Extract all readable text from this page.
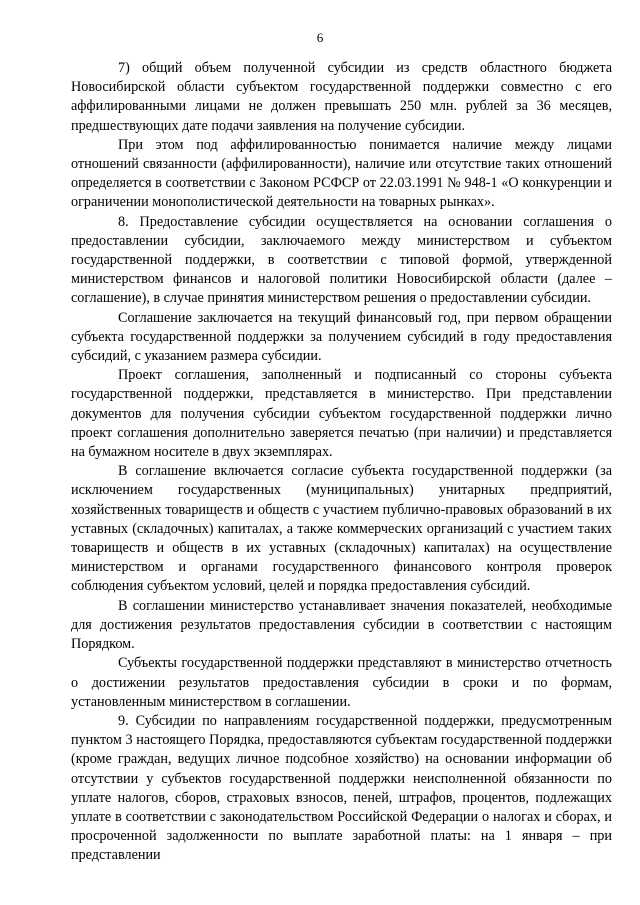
6

7) общий объем полученной субсидии из средств областного бюджета Новосибирской области субъектом государственной поддержки совместно с его аффилированными лицами не должен превышать 250 млн. рублей за 36 месяцев, предшествующих дате подачи заявления на получение субсидии.

При этом под аффилированностью понимается наличие между лицами отношений связанности (аффилированности), наличие или отсутствие таких отношений определяется в соответствии с Законом РСФСР от 22.03.1991 № 948-1 «О конкуренции и ограничении монополистической деятельности на товарных рынках».

8. Предоставление субсидии осуществляется на основании соглашения о предоставлении субсидии, заключаемого между министерством и субъектом государственной поддержки, в соответствии с типовой формой, утвержденной министерством финансов и налоговой политики Новосибирской области (далее – соглашение), в случае принятия министерством решения о предоставлении субсидии.

Соглашение заключается на текущий финансовый год, при первом обращении субъекта государственной поддержки за получением субсидий в году предоставления субсидий, с указанием размера субсидии.

Проект соглашения, заполненный и подписанный со стороны субъекта государственной поддержки, представляется в министерство. При представлении документов для получения субсидии субъектом государственной поддержки лично проект соглашения дополнительно заверяется печатью (при наличии) и представляется на бумажном носителе в двух экземплярах.

В соглашение включается согласие субъекта государственной поддержки (за исключением государственных (муниципальных) унитарных предприятий, хозяйственных товариществ и обществ с участием публично-правовых образований в их уставных (складочных) капиталах, а также коммерческих организаций с участием таких товариществ и обществ в их уставных (складочных) капиталах) на осуществление министерством и органами государственного финансового контроля проверок соблюдения субъектом условий, целей и порядка предоставления субсидий.

В соглашении министерство устанавливает значения показателей, необходимые для достижения результатов предоставления субсидии в соответствии с настоящим Порядком.

Субъекты государственной поддержки представляют в министерство отчетность о достижении результатов предоставления субсидии в сроки и по формам, установленным министерством в соглашении.

9. Субсидии по направлениям государственной поддержки, предусмотренным пунктом 3 настоящего Порядка, предоставляются субъектам государственной поддержки (кроме граждан, ведущих личное подсобное хозяйство) на основании информации об отсутствии у субъектов государственной поддержки неисполненной обязанности по уплате налогов, сборов, страховых взносов, пеней, штрафов, процентов, подлежащих уплате в соответствии с законодательством Российской Федерации о налогах и сборах, и просроченной задолженности по выплате заработной платы: на 1 января – при представлении
